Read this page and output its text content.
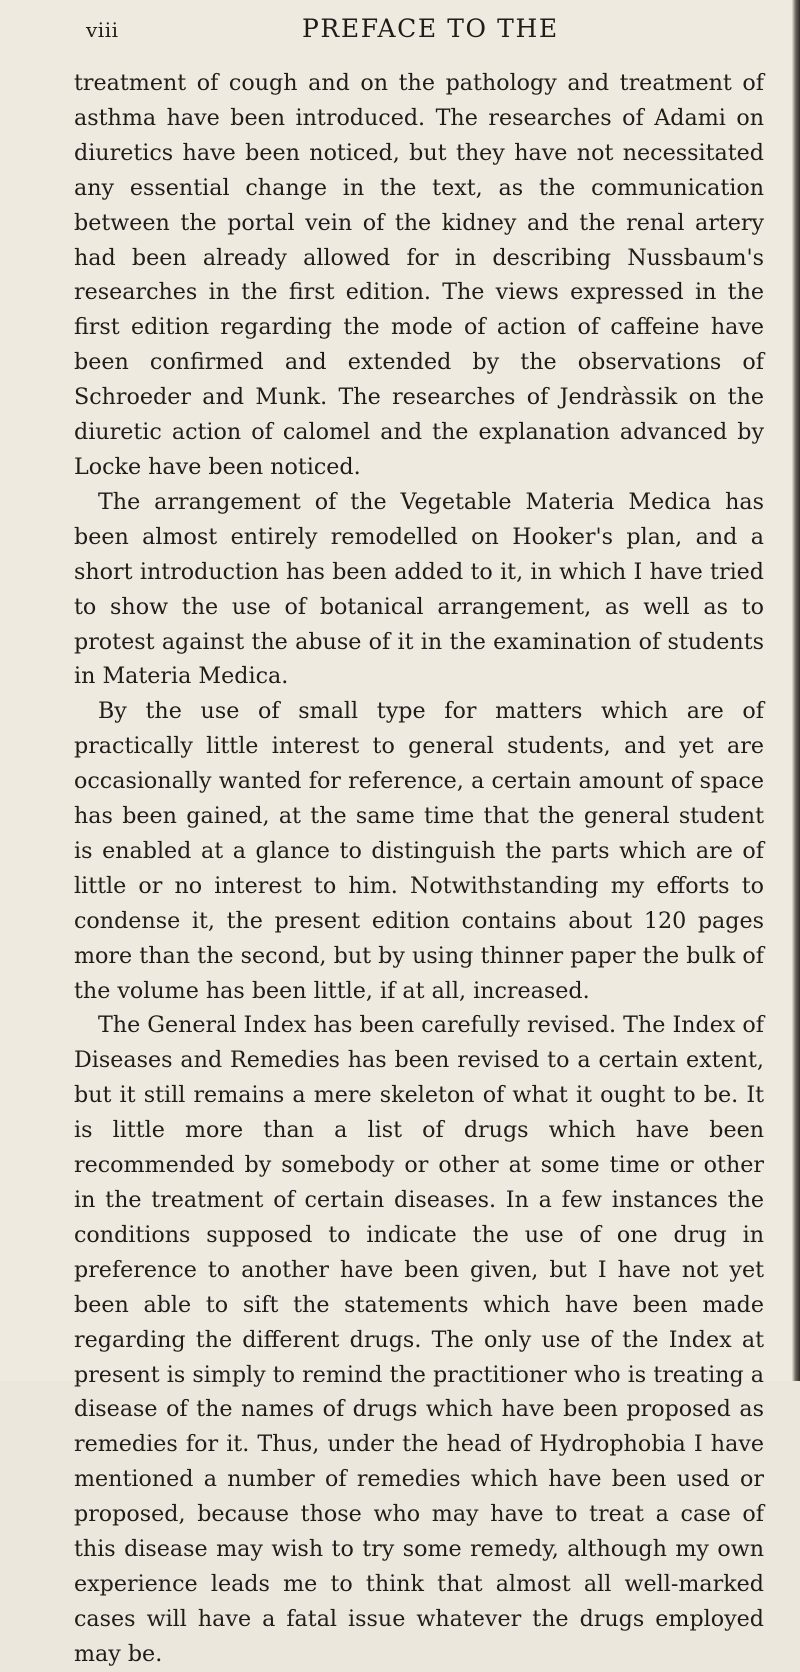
viii	PREFACE TO THE

treatment of cough and on the pathology and treatment of asthma have been introduced. The researches of Adami on diuretics have been noticed, but they have not necessitated any essential change in the text, as the communication between the portal vein of the kidney and the renal artery had been already allowed for in describing Nussbaum's researches in the first edition. The views expressed in the first edition regarding the mode of action of caffeine have been confirmed and extended by the observations of Schroeder and Munk. The researches of Jendràssik on the diuretic action of calomel and the explanation advanced by Locke have been noticed.

The arrangement of the Vegetable Materia Medica has been almost entirely remodelled on Hooker's plan, and a short introduction has been added to it, in which I have tried to show the use of botanical arrangement, as well as to protest against the abuse of it in the examination of students in Materia Medica.

By the use of small type for matters which are of practically little interest to general students, and yet are occasionally wanted for reference, a certain amount of space has been gained, at the same time that the general student is enabled at a glance to distinguish the parts which are of little or no interest to him. Notwithstanding my efforts to condense it, the present edition contains about 120 pages more than the second, but by using thinner paper the bulk of the volume has been little, if at all, increased.

The General Index has been carefully revised. The Index of Diseases and Remedies has been revised to a certain extent, but it still remains a mere skeleton of what it ought to be. It is little more than a list of drugs which have been recommended by somebody or other at some time or other in the treatment of certain diseases. In a few instances the conditions supposed to indicate the use of one drug in preference to another have been given, but I have not yet been able to sift the statements which have been made regarding the different drugs. The only use of the Index at present is simply to remind the practitioner who is treating a disease of the names of drugs which have been proposed as remedies for it. Thus, under the head of Hydrophobia I have mentioned a number of remedies which have been used or proposed, because those who may have to treat a case of this disease may wish to try some remedy, although my own experience leads me to think that almost all well-marked cases will have a fatal issue whatever the drugs employed may be.
